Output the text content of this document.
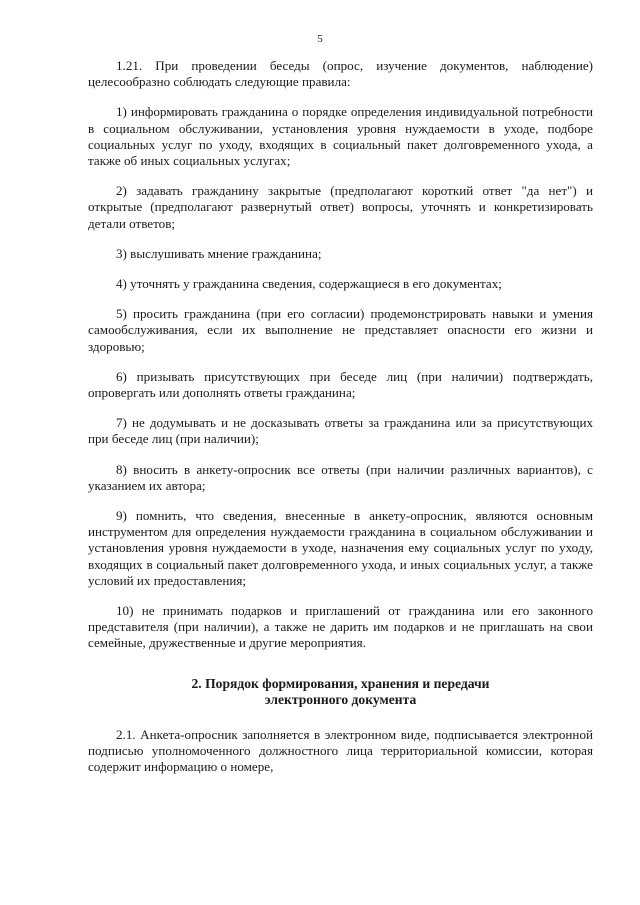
5

1.21. При проведении беседы (опрос, изучение документов, наблюдение) целесообразно соблюдать следующие правила:

1) информировать гражданина о порядке определения индивидуальной потребности в социальном обслуживании, установления уровня нуждаемости в уходе, подборе социальных услуг по уходу, входящих в социальный пакет долговременного ухода, а также об иных социальных услугах;

2) задавать гражданину закрытые (предполагают короткий ответ "да нет") и открытые (предполагают развернутый ответ) вопросы, уточнять и конкретизировать детали ответов;

3) выслушивать мнение гражданина;

4) уточнять у гражданина сведения, содержащиеся в его документах;

5) просить гражданина (при его согласии) продемонстрировать навыки и умения самообслуживания, если их выполнение не представляет опасности его жизни и здоровью;

6) призывать присутствующих при беседе лиц (при наличии) подтверждать, опровергать или дополнять ответы гражданина;

7) не додумывать и не досказывать ответы за гражданина или за присутствующих при беседе лиц (при наличии);

8) вносить в анкету-опросник все ответы (при наличии различных вариантов), с указанием их автора;

9) помнить, что сведения, внесенные в анкету-опросник, являются основным инструментом для определения нуждаемости гражданина в социальном обслуживании и установления уровня нуждаемости в уходе, назначения ему социальных услуг по уходу, входящих в социальный пакет долговременного ухода, и иных социальных услуг, а также условий их предоставления;

10) не принимать подарков и приглашений от гражданина или его законного представителя (при наличии), а также не дарить им подарков и не приглашать на свои семейные, дружественные и другие мероприятия.

2. Порядок формирования, хранения и передачи электронного документа

2.1. Анкета-опросник заполняется в электронном виде, подписывается электронной подписью уполномоченного должностного лица территориальной комиссии, которая содержит информацию о номере,
